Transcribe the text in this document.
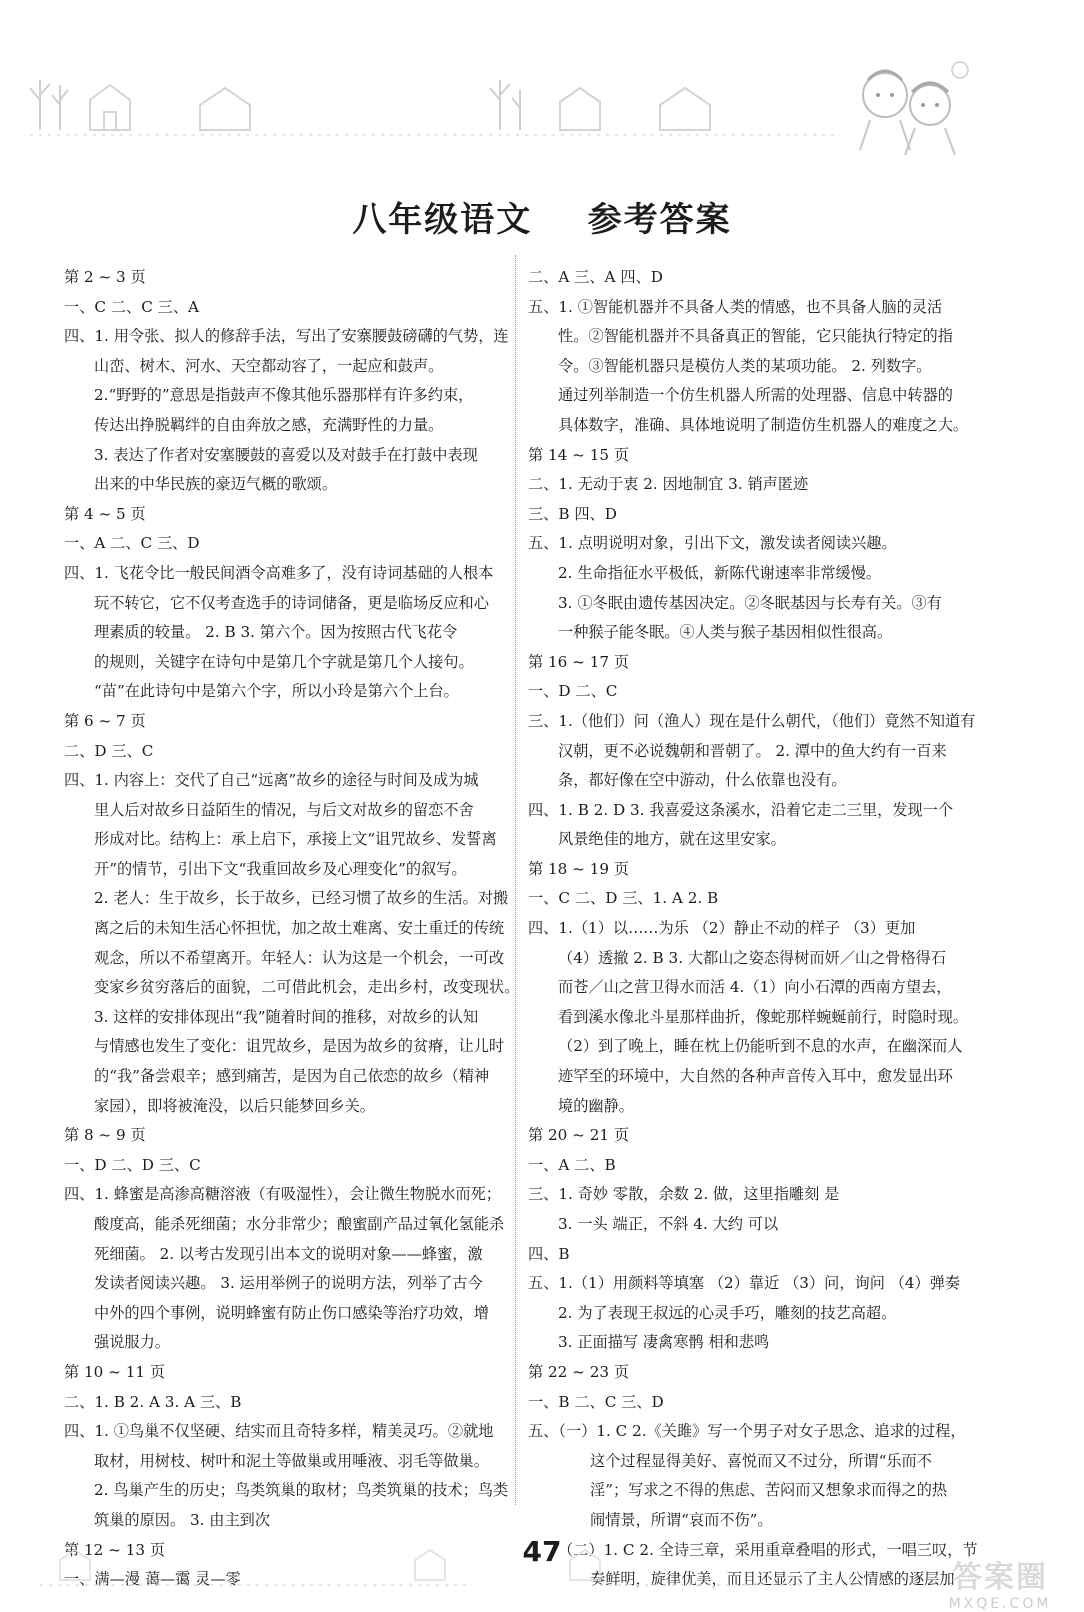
八年级语文    参考答案
第 2 ~ 3 页
一、C 二、C 三、A
四、1. 用令张、拟人的修辞手法，写出了安寨腰鼓磅礴的气势，连
山峦、树木、河水、天空都动容了，一起应和鼓声。
2.“野野的”意思是指鼓声不像其他乐器那样有许多约束，
传达出挣脱羁绊的自由奔放之感，充满野性的力量。
3. 表达了作者对安塞腰鼓的喜爱以及对鼓手在打鼓中表现
出来的中华民族的豪迈气概的歌颂。
第 4 ~ 5 页
一、A 二、C 三、D
四、1. 飞花令比一般民间酒令高难多了，没有诗词基础的人根本
玩不转它，它不仅考查选手的诗词储备，更是临场反应和心
理素质的较量。 2. B 3. 第六个。因为按照古代飞花令
的规则，关键字在诗句中是第几个字就是第几个人接句。
“苗”在此诗句中是第六个字，所以小玲是第六个上台。
第 6 ~ 7 页
二、D 三、C
四、1. 内容上：交代了自己“远离”故乡的途径与时间及成为城
里人后对故乡日益陌生的情况，与后文对故乡的留恋不舍
形成对比。结构上：承上启下，承接上文“诅咒故乡、发誓离
开”的情节，引出下文“我重回故乡及心理变化”的叙写。
2. 老人：生于故乡，长于故乡，已经习惯了故乡的生活。对搬
离之后的未知生活心怀担忧，加之故土难离、安土重迁的传统
观念，所以不希望离开。年轻人：认为这是一个机会，一可改
变家乡贫穷落后的面貌，二可借此机会，走出乡村，改变现状。
3. 这样的安排体现出“我”随着时间的推移，对故乡的认知
与情感也发生了变化：诅咒故乡，是因为故乡的贫瘠，让儿时
的“我”备尝艰辛；感到痛苦，是因为自己依恋的故乡（精神
家园），即将被淹没，以后只能梦回乡关。
第 8 ~ 9 页
一、D 二、D 三、C
四、1. 蜂蜜是高渗高糖溶液（有吸湿性），会让微生物脱水而死；
酸度高，能杀死细菌；水分非常少；酿蜜副产品过氧化氢能杀
死细菌。 2. 以考古发现引出本文的说明对象——蜂蜜，激
发读者阅读兴趣。 3. 运用举例子的说明方法，列举了古今
中外的四个事例，说明蜂蜜有防止伤口感染等治疗功效，增
强说服力。
第 10 ~ 11 页
二、1. B 2. A 3. A 三、B
四、1. ①鸟巢不仅坚硬、结实而且奇特多样，精美灵巧。②就地
取材，用树枝、树叶和泥土等做巢或用唾液、羽毛等做巢。
2. 鸟巢产生的历史；鸟类筑巢的取材；鸟类筑巢的技术；鸟类
筑巢的原因。 3. 由主到次
第 12 ~ 13 页
一、满—漫 蔼—霭 灵—零
二、A 三、A 四、D
五、1. ①智能机器并不具备人类的情感，也不具备人脑的灵活
性。②智能机器并不具备真正的智能，它只能执行特定的指
令。③智能机器只是模仿人类的某项功能。 2. 列数字。
通过列举制造一个仿生机器人所需的处理器、信息中转器的
具体数字，准确、具体地说明了制造仿生机器人的难度之大。
第 14 ~ 15 页
二、1. 无动于衷 2. 因地制宜 3. 销声匿迹
三、B 四、D
五、1. 点明说明对象，引出下文，激发读者阅读兴趣。
2. 生命指征水平极低，新陈代谢速率非常缓慢。
3. ①冬眠由遗传基因决定。②冬眠基因与长寿有关。③有
一种猴子能冬眠。④人类与猴子基因相似性很高。
第 16 ~ 17 页
一、D 二、C
三、1.（他们）问（渔人）现在是什么朝代，（他们）竟然不知道有
汉朝，更不必说魏朝和晋朝了。 2. 潭中的鱼大约有一百来
条，都好像在空中游动，什么依靠也没有。
四、1. B 2. D 3. 我喜爱这条溪水，沿着它走二三里，发现一个
风景绝佳的地方，就在这里安家。
第 18 ~ 19 页
一、C 二、D 三、1. A 2. B
四、1.（1）以……为乐 （2）静止不动的样子 （3）更加
（4）透撤 2. B 3. 大都山之姿态得树而妍／山之骨格得石
而苍／山之营卫得水而活 4.（1）向小石潭的西南方望去，
看到溪水像北斗星那样曲折，像蛇那样蜿蜒前行，时隐时现。
（2）到了晚上，睡在枕上仍能听到不息的水声，在幽深而人
迹罕至的环境中，大自然的各种声音传入耳中，愈发显出环
境的幽静。
第 20 ~ 21 页
一、A 二、B
三、1. 奇妙 零散，余数 2. 做，这里指雕刻 是
3. 一头 端正，不斜 4. 大约 可以
四、B
五、1.（1）用颜料等填塞 （2）靠近 （3）问，询问 （4）弹奏
2. 为了表现王叔远的心灵手巧，雕刻的技艺高超。
3. 正面描写 凄禽寒鹘 相和悲鸣
第 22 ~ 23 页
一、B 二、C 三、D
五、（一）1. C 2.《关雎》写一个男子对女子思念、追求的过程，
这个过程显得美好、喜悦而又不过分，所谓“乐而不
淫”；写求之不得的焦虑、苦闷而又想象求而得之的热
闹情景，所谓“哀而不伤”。
（二）1. C 2. 全诗三章，采用重章叠唱的形式，一唱三叹，节
奏鲜明，旋律优美，而且还显示了主人公情感的逐层加
47
答案圈
MXQE.COM
